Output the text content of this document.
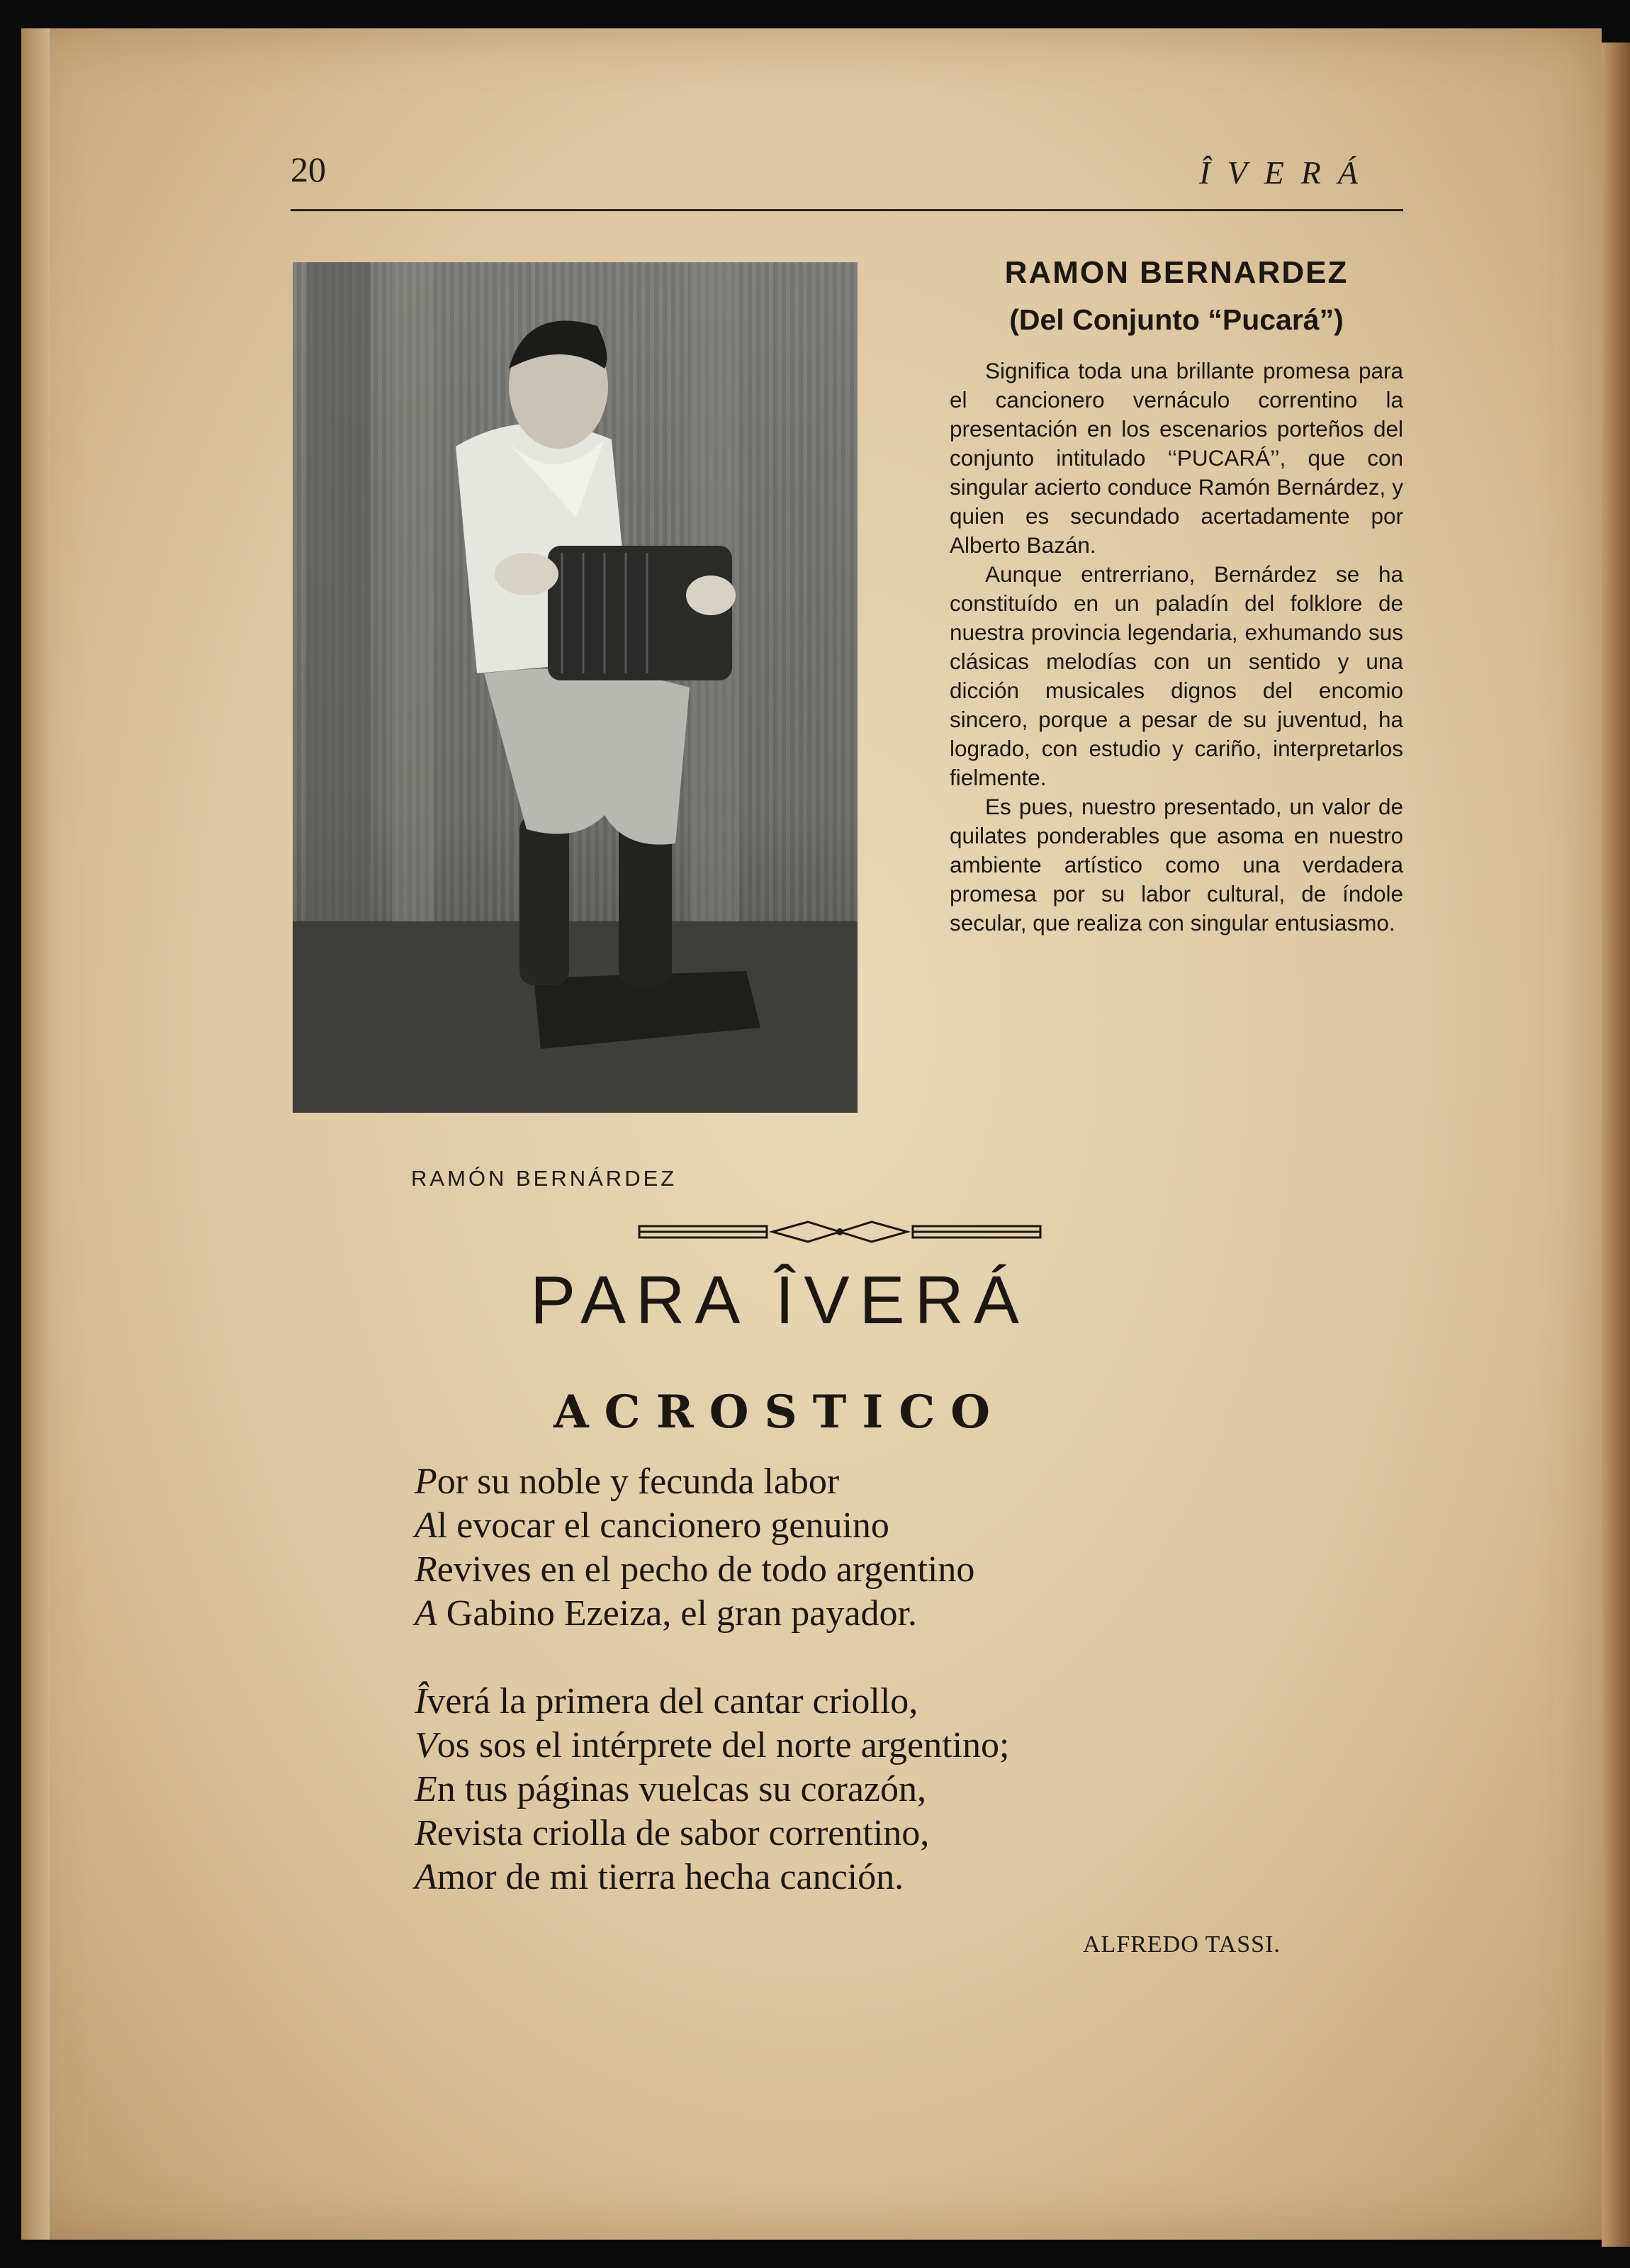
20	ÎVERÁ
RAMÓN BERNÁRDEZ
RAMON BERNARDEZ
(Del Conjunto “Pucará”)

Significa toda una brillante promesa para el cancionero vernáculo correntino la presentación en los escenarios porteños del conjunto intitulado ‘‘PUCARÁ’’, que con singular acierto conduce Ramón Bernárdez, y quien es secundado acertadamente por Alberto Bazán.

Aunque entrerriano, Bernárdez se ha constituído en un paladín del folklore de nuestra provincia legendaria, exhumando sus clásicas melodías con un sentido y una dicción musicales dignos del encomio sincero, porque a pesar de su juventud, ha logrado, con estudio y cariño, interpretarlos fielmente.

Es pues, nuestro presentado, un valor de quilates ponderables que asoma en nuestro ambiente artístico como una verdadera promesa por su labor cultural, de índole secular, que realiza con singular entusiasmo.

PARA ÎVERÁ
ACROSTICO
Por su noble y fecunda labor
Al evocar el cancionero genuino
Revives en el pecho de todo argentino
A Gabino Ezeiza, el gran payador.
Îverá la primera del cantar criollo,
Vos sos el intérprete del norte argentino;
En tus páginas vuelcas su corazón,
Revista criolla de sabor correntino,
Amor de mi tierra hecha canción.
ALFREDO TASSI.
